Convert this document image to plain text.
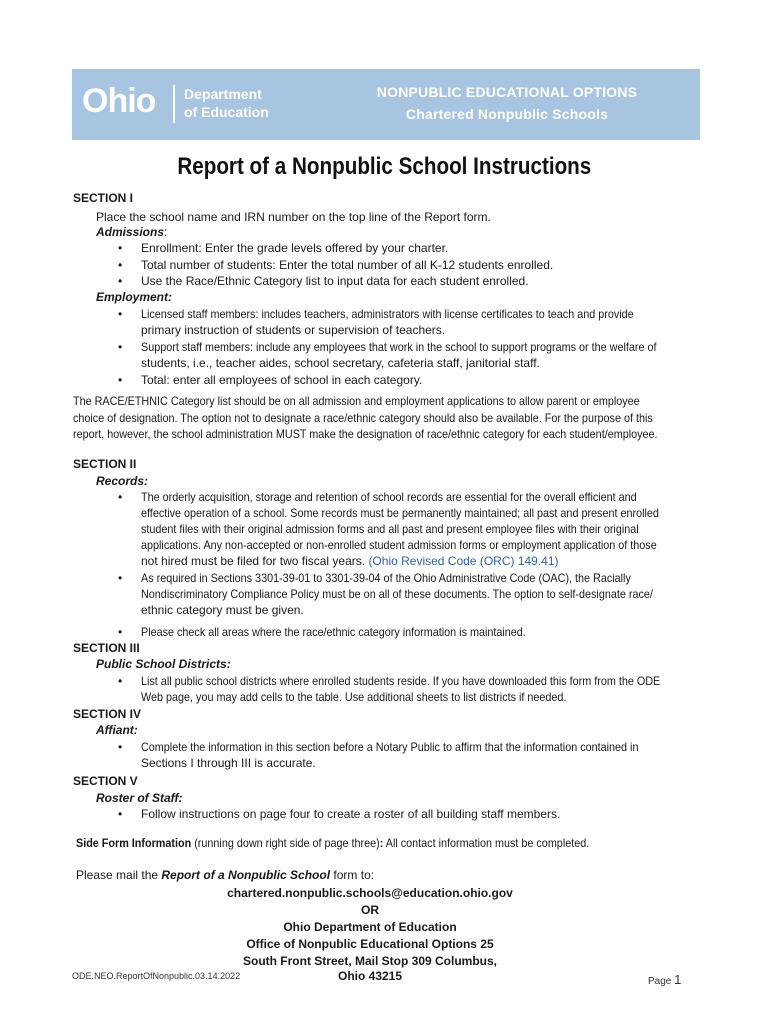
Ohio Department
of Education
NONPUBLIC EDUCATIONAL OPTIONS
Chartered Nonpublic Schools
Report of a Nonpublic School Instructions
SECTION I
Place the school name and IRN number on the top line of the Report form.
Admissions:
• Enrollment: Enter the grade levels offered by your charter.
• Total number of students: Enter the total number of all K-12 students enrolled.
• Use the Race/Ethnic Category list to input data for each student enrolled.
Employment:
• Licensed staff members: includes teachers, administrators with license certificates to teach and provide
primary instruction of students or supervision of teachers.
• Support staff members: include any employees that work in the school to support programs or the welfare of
students, i.e., teacher aides, school secretary, cafeteria staff, janitorial staff.
• Total: enter all employees of school in each category.
The RACE/ETHNIC Category list should be on all admission and employment applications to allow parent or employee
choice of designation. The option not to designate a race/ethnic category should also be available. For the purpose of this
report, however, the school administration MUST make the designation of race/ethnic category for each student/employee.
SECTION II
Records:
• The orderly acquisition, storage and retention of school records are essential for the overall efficient and
effective operation of a school. Some records must be permanently maintained; all past and present enrolled
student files with their original admission forms and all past and present employee files with their original
applications. Any non-accepted or non-enrolled student admission forms or employment application of those
not hired must be filed for two fiscal years. (Ohio Revised Code (ORC) 149.41)
• As required in Sections 3301-39-01 to 3301-39-04 of the Ohio Administrative Code (OAC), the Racially
Nondiscriminatory Compliance Policy must be on all of these documents. The option to self-designate race/
ethnic category must be given.
• Please check all areas where the race/ethnic category information is maintained.
SECTION III
Public School Districts:
• List all public school districts where enrolled students reside. If you have downloaded this form from the ODE
Web page, you may add cells to the table. Use additional sheets to list districts if needed.
SECTION IV
Affiant:
• Complete the information in this section before a Notary Public to affirm that the information contained in
Sections I through III is accurate.
SECTION V
Roster of Staff:
• Follow instructions on page four to create a roster of all building staff members.
Side Form Information (running down right side of page three): All contact information must be completed.
Please mail the Report of a Nonpublic School form to:
chartered.nonpublic.schools@education.ohio.gov
OR
Ohio Department of Education
Office of Nonpublic Educational Options 25
South Front Street, Mail Stop 309 Columbus,
Ohio 43215
ODE.NEO.ReportOfNonpublic.03.14.2022	Page 1
